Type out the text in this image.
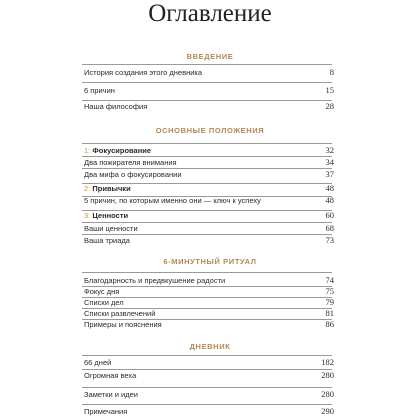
Оглавление
ВВЕДЕНИЕ
История создания этого дневника	8
6 причин	15
Наша философия	28
ОСНОВНЫЕ ПОЛОЖЕНИЯ
1: Фокусирование	32
Два пожирателя внимания	34
Два мифа о фокусировании	37
2: Привычки	48
5 причин, по которым именно они — ключ к успеху	48
3: Ценности	60
Ваши ценности	68
Ваша триада	73
6-МИНУТНЫЙ РИТУАЛ
Благодарность и предвкушение радости	74
Фокус дня	75
Списки дел	79
Списки развлечений	81
Примеры и пояснения	86
ДНЕВНИК
66 дней	182
Огромная веха	280
Заметки и идеи	280
Примечания	290
